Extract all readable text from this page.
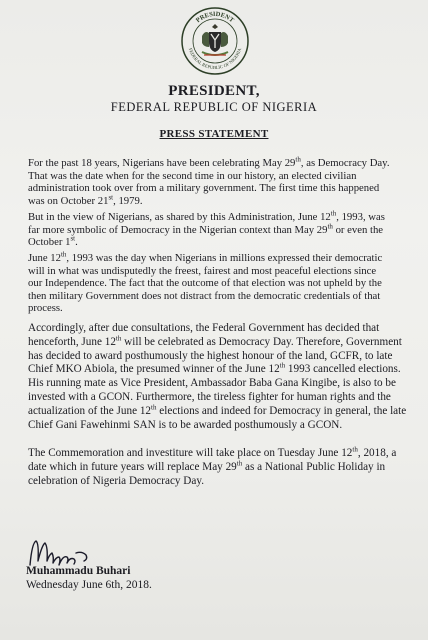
PRESIDENT
FEDERAL REPUBLIC OF NIGERIA
PRESIDENT,
FEDERAL REPUBLIC OF NIGERIA
PRESS STATEMENT
For the past 18 years, Nigerians have been celebrating May 29th, as Democracy Day.
That was the date when for the second time in our history, an elected civilian
administration took over from a military government. The first time this happened
was on October 21st, 1979.
But in the view of Nigerians, as shared by this Administration, June 12th, 1993, was
far more symbolic of Democracy in the Nigerian context than May 29th or even the
October 1st.
June 12th, 1993 was the day when Nigerians in millions expressed their democratic
will in what was undisputedly the freest, fairest and most peaceful elections since
our Independence. The fact that the outcome of that election was not upheld by the
then military Government does not distract from the democratic credentials of that
process.
Accordingly, after due consultations, the Federal Government has decided that
henceforth, June 12th will be celebrated as Democracy Day. Therefore, Government
has decided to award posthumously the highest honour of the land, GCFR, to late
Chief MKO Abiola, the presumed winner of the June 12th 1993 cancelled elections.
His running mate as Vice President, Ambassador Baba Gana Kingibe, is also to be
invested with a GCON. Furthermore, the tireless fighter for human rights and the
actualization of the June 12th elections and indeed for Democracy in general, the late
Chief Gani Fawehinmi SAN is to be awarded posthumously a GCON.
The Commemoration and investiture will take place on Tuesday June 12th, 2018, a
date which in future years will replace May 29th as a National Public Holiday in
celebration of Nigeria Democracy Day.
Muhammadu Buhari
Wednesday June 6th, 2018.
